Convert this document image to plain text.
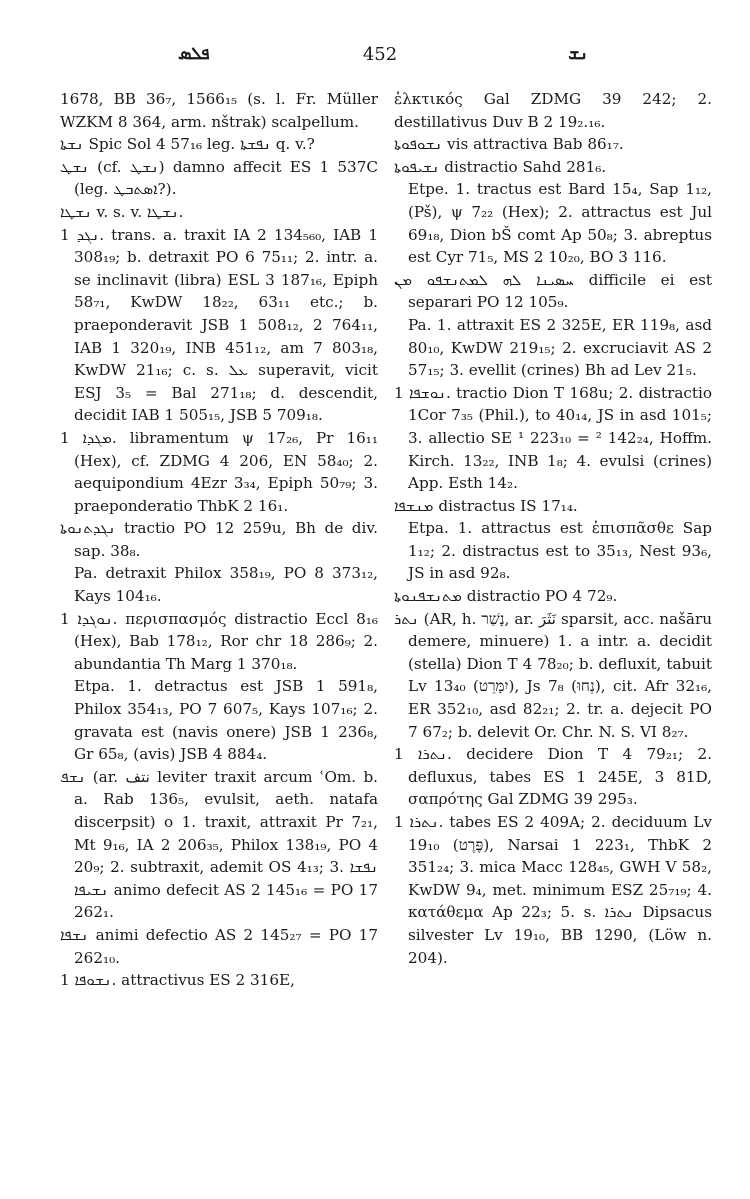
ܦܠܣ	452	ܢܫ

1678, BB 36₇, 1566₁₅ (s. l. Fr. Müller WZKM 8 364, arm. nštrak) scalpellum.

ܢܫܬܐ Spic Sol 4 57₁₆ leg. ܢܦܫܬܐ q. v.?

ܢܫܛ (cf. ܢܫܛ) damno affecit ES 1 537C (leg. ܐܣܬܒܛ?).

ܢܫܛܐ v. s. v. ܢܫܛܐ.

ܢܓܕ 1. trans. a. traxit IA 2 134₅₆₀, IAB 1 308₁₉; b. detraxit PO 6 75₁₁; 2. intr. a. se inclinavit (libra) ESL 3 187₁₆, Epiph 58₇₁, KwDW 18₂₂, 63₁₁ etc.; b. praeponderavit JSB 1 508₁₂, 2 764₁₁, IAB 1 320₁₉, INB 451₁₂, am 7 803₁₈, KwDW 21₁₆; c. s. ܥܠ superavit, vicit ESJ 3₅ = Bal 271₁₈; d. descendit, decidit IAB 1 505₁₅, JSB 5 709₁₈.

ܡܓܕܐ 1. libramentum ψ 17₂₆, Pr 16₁₁ (Hex), cf. ZDMG 4 206, EN 58₄₀; 2. aequipondium 4Ezr 3₃₄, Epiph 50₇₉; 3. praeponderatio ThbK 2 16₁.

ܢܓܕܬܢܘܬܐ tractio PO 12 259u, Bh de div. sap. 38₈.

Pa. detraxit Philox 358₁₉, PO 8 373₁₂, Kays 104₁₆.

ܢܘܓܕܐ 1. περισπασμός distractio Eccl 8₁₆ (Hex), Bab 178₁₂, Ror chr 18 286₉; 2. abundantia Th Marg 1 370₁₈.

Etpa. 1. detractus est JSB 1 591₈, Philox 354₁₃, PO 7 607₅, Kays 107₁₆; 2. gravata est (navis onere) JSB 1 236₈, Gr 65₈, (avis) JSB 4 884₄.

ܢܫܦ (ar. نتف leviter traxit arcum ʿOm. b. a. Rab 136₅, evulsit, aeth. natafa discerpsit) o 1. traxit, attraxit Pr 7₂₁, Mt 9₁₆, IA 2 206₃₅, Philox 138₁₉, PO 4 20₉; 2. subtraxit, ademit OS 4₁₃; 3. ܢܦܫܐ ܢܫܝܦܐ animo defecit AS 2 145₁₆ = PO 17 262₁.

ܢܫܦܐ animi defectio AS 2 145₂₇ = PO 17 262₁₀.

ܢܫܘܦܐ 1. attractivus ES 2 316E,

ἑλκτικός Gal ZDMG 39 242; 2. destillativus Duv B 2 19₂.₁₆.

ܢܫܘܦܘܬܐ vis attractiva Bab 86₁₇.

ܢܫܝܦܘܬܐ distractio Sahd 281₆.

Etpe. 1. tractus est Bard 15₄, Sap 1₁₂, (Pš), ψ 7₂₂ (Hex); 2. attractus est Jul 69₁₈, Dion bŠ comt Ap 50₈; 3. abreptus est Cyr 71₅, MS 2 10₂₀, BO 3 116.

ܚܣܝܢܐ ܠܗ ܠܡܬܢܫܦܘ ܡܢ difficile ei est separari PO 12 105₉.

Pa. 1. attraxit ES 2 325E, ER 119₈, asd 80₁₀, KwDW 219₁₅; 2. excruciavit AS 2 57₁₅; 3. evellit (crines) Bh ad Lev 21₅.

ܢܘܫܦܐ 1. tractio Dion T 168u; 2. distractio 1Cor 7₃₅ (Phil.), to 40₁₄, JS in asd 101₅; 3. allectio SE ¹ 223₁₀ = ² 142₂₄, Hoffm. Kirch. 13₂₂, INB 1₈; 4. evulsi (crines) App. Esth 14₂.

ܡܢܫܦܐ distractus IS 17₁₄.

Etpa. 1. attractus est ἐπισπᾶσθε Sap 1₁₂; 2. distractus est to 35₁₃, Nest 93₆, JS in asd 92₈.

ܡܬܢܫܦܢܘܬܐ distractio PO 4 72₉.

ܢܬܪ (AR, h. נָשַׁר, ar. نَثَرَ sparsit, acc. našāru demere, minuere) 1. a intr. a. decidit (stella) Dion T 4 78₂₀; b. defluxit, tabuit Lv 13₄₀ (יִמָּרֵט), Js 7₈ (נְחוּ), cit. Afr 32₁₆, ER 352₁₀, asd 82₂₁; 2. tr. a. dejecit PO 7 67₂; b. delevit Or. Chr. N. S. VI 8₂₇.

ܢܬܪܐ 1. decidere Dion T 4 79₂₁; 2. defluxus, tabes ES 1 245E, 3 81D, σαπρότης Gal ZDMG 39 295₃.

ܢܬܪܐ 1. tabes ES 2 409A; 2. deciduum Lv 19₁₀ (פֶּרֶט), Narsai 1 223₁, ThbK 2 351₂₄; 3. mica Macc 128₄₅, GWH V 58₂, KwDW 9₄, met. minimum ESZ 25₇₁₉; 4. κατάθεμα Ap 22₃; 5. s. ܢܬܪܐ Dipsacus silvester Lv 19₁₀, BB 1290, (Löw n. 204).
